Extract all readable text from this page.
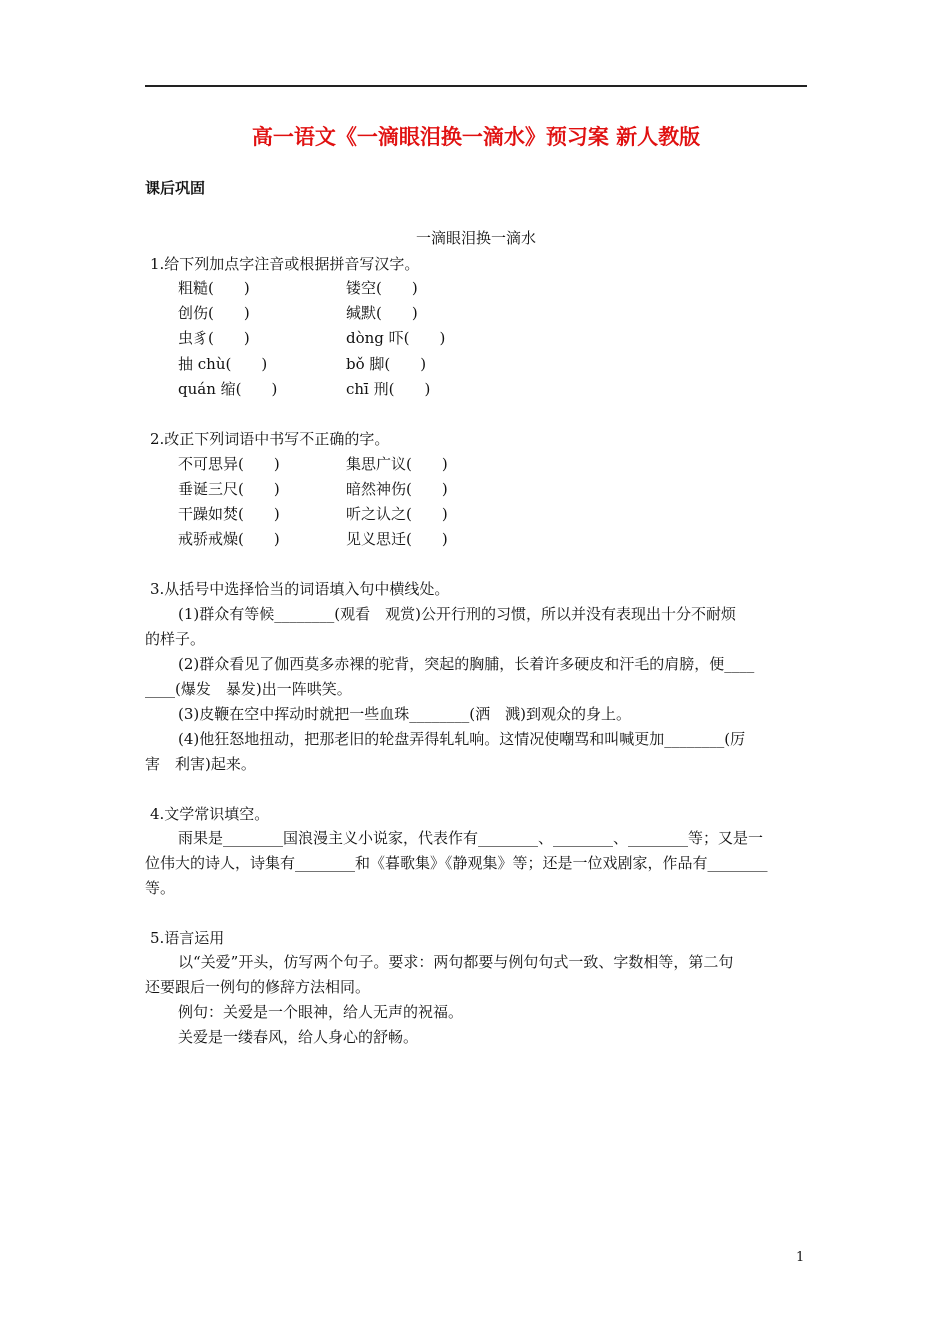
高一语文《一滴眼泪换一滴水》预习案 新人教版
课后巩固
一滴眼泪换一滴水
1.给下列加点字注音或根据拼音写汉字。
粗糙(　　)
创伤(　　)
虫豸(　　)
抽 chù(　　)
quán 缩(　　)
镂空(　　)
缄默(　　)
dòng 吓(　　)
bǒ 脚(　　)
chī 刑(　　)
2.改正下列词语中书写不正确的字。
不可思异(　　)
垂诞三尺(　　)
干躁如焚(　　)
戒骄戒燥(　　)
集思广议(　　)
暗然神伤(　　)
听之认之(　　)
见义思迁(　　)
3.从括号中选择恰当的词语填入句中横线处。
(1)群众有等候________(观看　观赏)公开行刑的习惯，所以并没有表现出十分不耐烦
的样子。
(2)群众看见了伽西莫多赤裸的驼背，突起的胸脯，长着许多硬皮和汗毛的肩膀，便____
____(爆发　暴发)出一阵哄笑。
(3)皮鞭在空中挥动时就把一些血珠________(洒　溅)到观众的身上。
(4)他狂怒地扭动，把那老旧的轮盘弄得轧轧响。这情况使嘲骂和叫喊更加________(厉
害　利害)起来。
4.文学常识填空。
雨果是________国浪漫主义小说家，代表作有________、________、________等；又是一
位伟大的诗人，诗集有________和《暮歌集》《静观集》等；还是一位戏剧家，作品有________
等。
5.语言运用
以“关爱”开头，仿写两个句子。要求：两句都要与例句句式一致、字数相等，第二句
还要跟后一例句的修辞方法相同。
例句：关爱是一个眼神，给人无声的祝福。
关爱是一缕春风，给人身心的舒畅。
1
